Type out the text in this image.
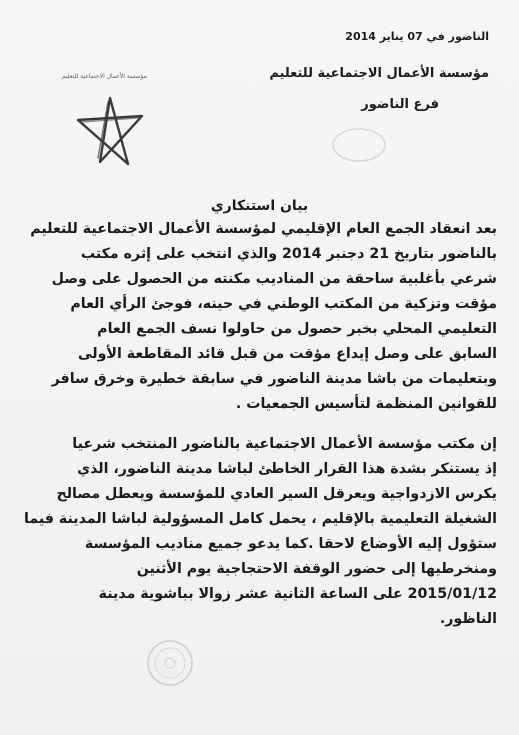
الناضور في 07 يناير 2014
مؤسسة الأعمال الاجتماعية للتعليم
فرع الناضور
مؤسسة الأعمال الاجتماعية للتعليم
بيان استنكاري
بعد انعقاد الجمع العام الإقليمي لمؤسسة الأعمال الاجتماعية للتعليم
بالناضور بتاريخ 21 دجنبر 2014 والذي انتخب على إثره مكتب
شرعي بأغلبية ساحقة من المناديب مكنته من الحصول على وصل
مؤقت وتزكية من المكتب الوطني في حينه، فوجئ الرأي العام
التعليمي المحلي بخبر حصول من حاولوا نسف الجمع العام
السابق على وصل إيداع مؤقت من قبل قائد المقاطعة الأولى
وبتعليمات من باشا مدينة الناضور في سابقة خطيرة وخرق سافر
للقوانين المنظمة لتأسيس الجمعيات .
إن مكتب مؤسسة الأعمال الاجتماعية بالناضور المنتخب شرعيا
إذ يستنكر بشدة هذا القرار الخاطئ لباشا مدينة الناضور، الذي
يكرس الازدواجية ويعرقل السير العادي للمؤسسة ويعطل مصالح
الشغيلة التعليمية بالإقليم ، يحمل كامل المسؤولية لباشا المدينة فيما
ستؤول إليه الأوضاع لاحقا .كما يدعو جميع مناديب المؤسسة
ومنخرطيها إلى حضور الوقفة الاحتجاجية يوم الأثنين
2015/01/12 على الساعة الثانية عشر زوالا بباشوية مدينة
الناظور.
